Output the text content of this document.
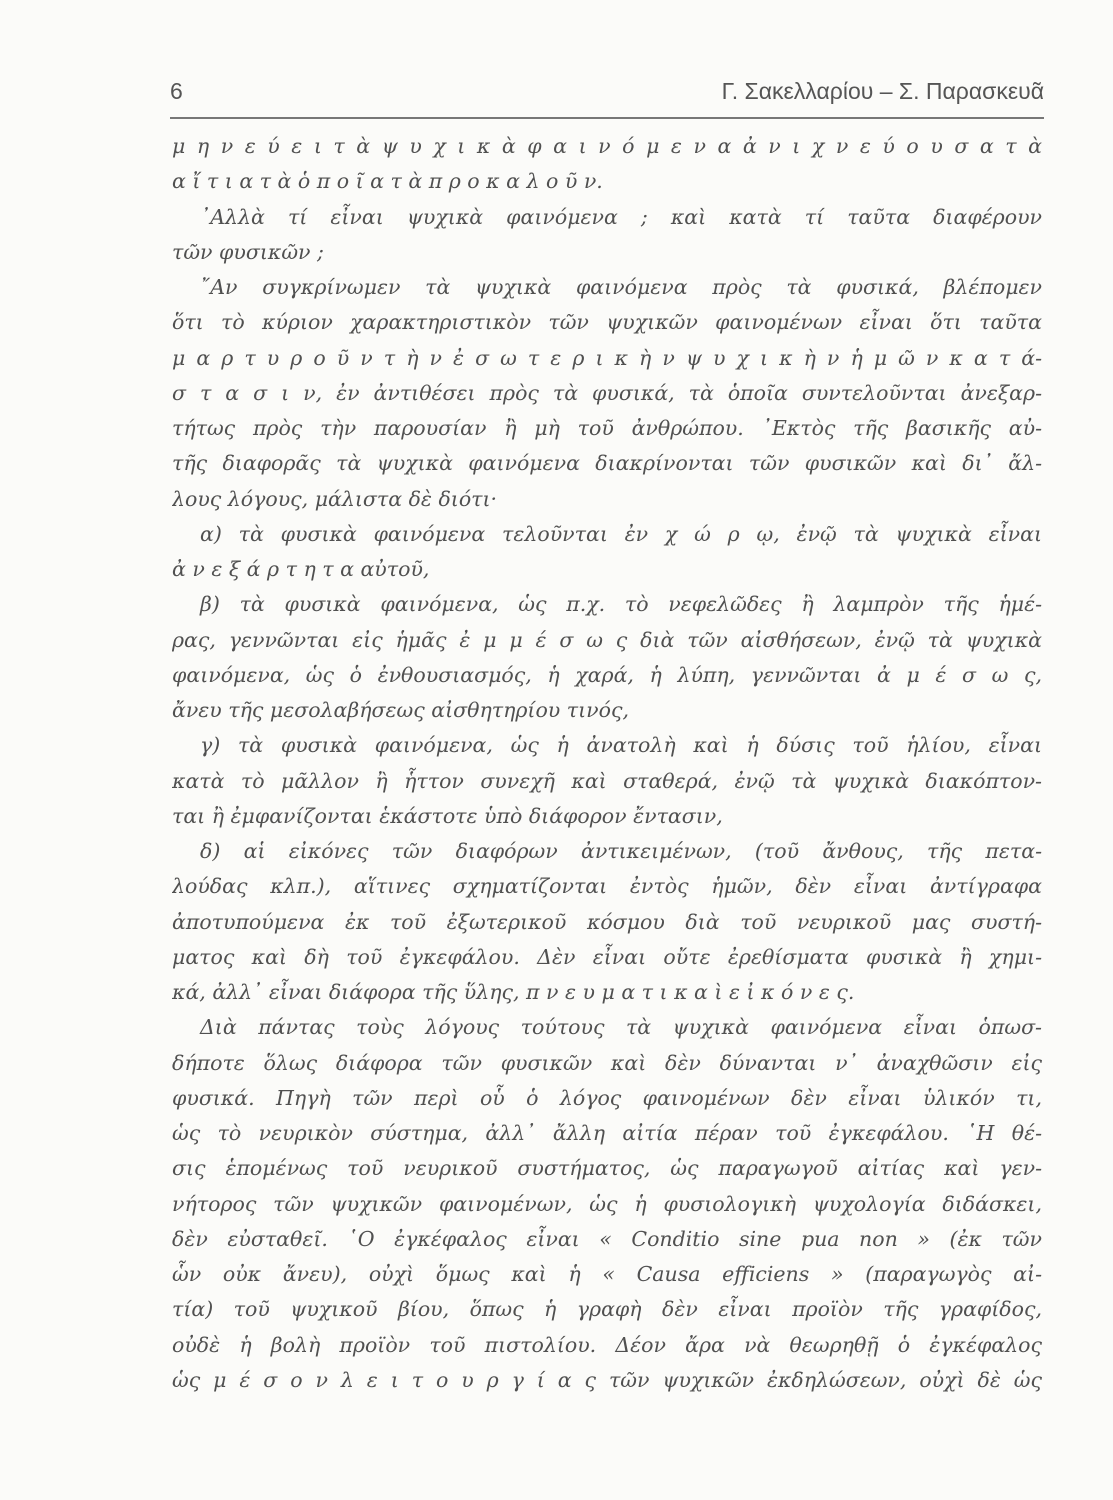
6	Γ. Σακελλαρίου – Σ. Παρασκευᾶ
μ η ν ε ύ ε ι τ ὰ ψ υ χ ι κ ὰ φ α ι ν ό μ ε ν α ἀ ν ι χ ν ε ύ ο υ σ α τ ὰ
α ἴ τ ι α τ ὰ ὁ π ο ῖ α τ ὰ π ρ ο κ α λ ο ῦ ν.
᾿Αλλὰ τί εἶναι ψυχικὰ φαινόμενα ; καὶ κατὰ τί ταῦτα διαφέρουν
τῶν φυσικῶν ;
῎Αν συγκρίνωμεν τὰ ψυχικὰ φαινόμενα πρὸς τὰ φυσικά, βλέπομεν
ὅτι τὸ κύριον χαρακτηριστικὸν τῶν ψυχικῶν φαινομένων εἶναι ὅτι ταῦτα
μ α ρ τ υ ρ ο ῦ ν τ ὴ ν ἐ σ ω τ ε ρ ι κ ὴ ν ψ υ χ ι κ ὴ ν ἡ μ ῶ ν κ α τ ά-
σ τ α σ ι ν, ἐν ἀντιθέσει πρὸς τὰ φυσικά, τὰ ὁποῖα συντελοῦνται ἀνεξαρ-
τήτως πρὸς τὴν παρουσίαν ἢ μὴ τοῦ ἀνθρώπου. ᾿Εκτὸς τῆς βασικῆς αὐ-
τῆς διαφορᾶς τὰ ψυχικὰ φαινόμενα διακρίνονται τῶν φυσικῶν καὶ δι᾿ ἄλ-
λους λόγους, μάλιστα δὲ διότι·
α) τὰ φυσικὰ φαινόμενα τελοῦνται ἐν χ ώ ρ ῳ, ἐνῷ τὰ ψυχικὰ εἶναι
ἀ ν ε ξ ά ρ τ η τ α αὐτοῦ,
β) τὰ φυσικὰ φαινόμενα, ὡς π.χ. τὸ νεφελῶδες ἢ λαμπρὸν τῆς ἡμέ-
ρας, γεννῶνται εἰς ἡμᾶς ἐ μ μ έ σ ω ς διὰ τῶν αἰσθήσεων, ἐνῷ τὰ ψυχικὰ
φαινόμενα, ὡς ὁ ἐνθουσιασμός, ἡ χαρά, ἡ λύπη, γεννῶνται ἀ μ έ σ ω ς,
ἄνευ τῆς μεσολαβήσεως αἰσθητηρίου τινός,
γ) τὰ φυσικὰ φαινόμενα, ὡς ἡ ἀνατολὴ καὶ ἡ δύσις τοῦ ἡλίου, εἶναι
κατὰ τὸ μᾶλλον ἢ ἧττον συνεχῆ καὶ σταθερά, ἐνῷ τὰ ψυχικὰ διακόπτον-
ται ἢ ἐμφανίζονται ἑκάστοτε ὑπὸ διάφορον ἔντασιν,
δ) αἱ εἰκόνες τῶν διαφόρων ἀντικειμένων, (τοῦ ἄνθους, τῆς πετα-
λούδας κλπ.), αἵτινες σχηματίζονται ἐντὸς ἡμῶν, δὲν εἶναι ἀντίγραφα
ἀποτυπούμενα ἐκ τοῦ ἐξωτερικοῦ κόσμου διὰ τοῦ νευρικοῦ μας συστή-
ματος καὶ δὴ τοῦ ἐγκεφάλου. Δὲν εἶναι οὔτε ἐρεθίσματα φυσικὰ ἢ χημι-
κά, ἀλλ᾿ εἶναι διάφορα τῆς ὕλης, π ν ε υ μ α τ ι κ α ὶ ε ἰ κ ό ν ε ς.
Διὰ πάντας τοὺς λόγους τούτους τὰ ψυχικὰ φαινόμενα εἶναι ὁπωσ-
δήποτε ὅλως διάφορα τῶν φυσικῶν καὶ δὲν δύνανται ν᾿ ἀναχθῶσιν εἰς
φυσικά. Πηγὴ τῶν περὶ οὗ ὁ λόγος φαινομένων δὲν εἶναι ὑλικόν τι,
ὡς τὸ νευρικὸν σύστημα, ἀλλ᾿ ἄλλη αἰτία πέραν τοῦ ἐγκεφάλου. ῾Η θέ-
σις ἑπομένως τοῦ νευρικοῦ συστήματος, ὡς παραγωγοῦ αἰτίας καὶ γεν-
νήτορος τῶν ψυχικῶν φαινομένων, ὡς ἡ φυσιολογικὴ ψυχολογία διδάσκει,
δὲν εὐσταθεῖ. ῾Ο ἐγκέφαλος εἶναι « Conditio sine pua non » (ἐκ τῶν
ὧν οὐκ ἄνευ), οὐχὶ ὅμως καὶ ἡ « Causa efficiens » (παραγωγὸς αἰ-
τία) τοῦ ψυχικοῦ βίου, ὅπως ἡ γραφὴ δὲν εἶναι προϊὸν τῆς γραφίδος,
οὐδὲ ἡ βολὴ προϊὸν τοῦ πιστολίου. Δέον ἄρα νὰ θεωρηθῇ ὁ ἐγκέφαλος
ὡς μ έ σ ο ν λ ε ι τ ο υ ρ γ ί α ς τῶν ψυχικῶν ἐκδηλώσεων, οὐχὶ δὲ ὡς
